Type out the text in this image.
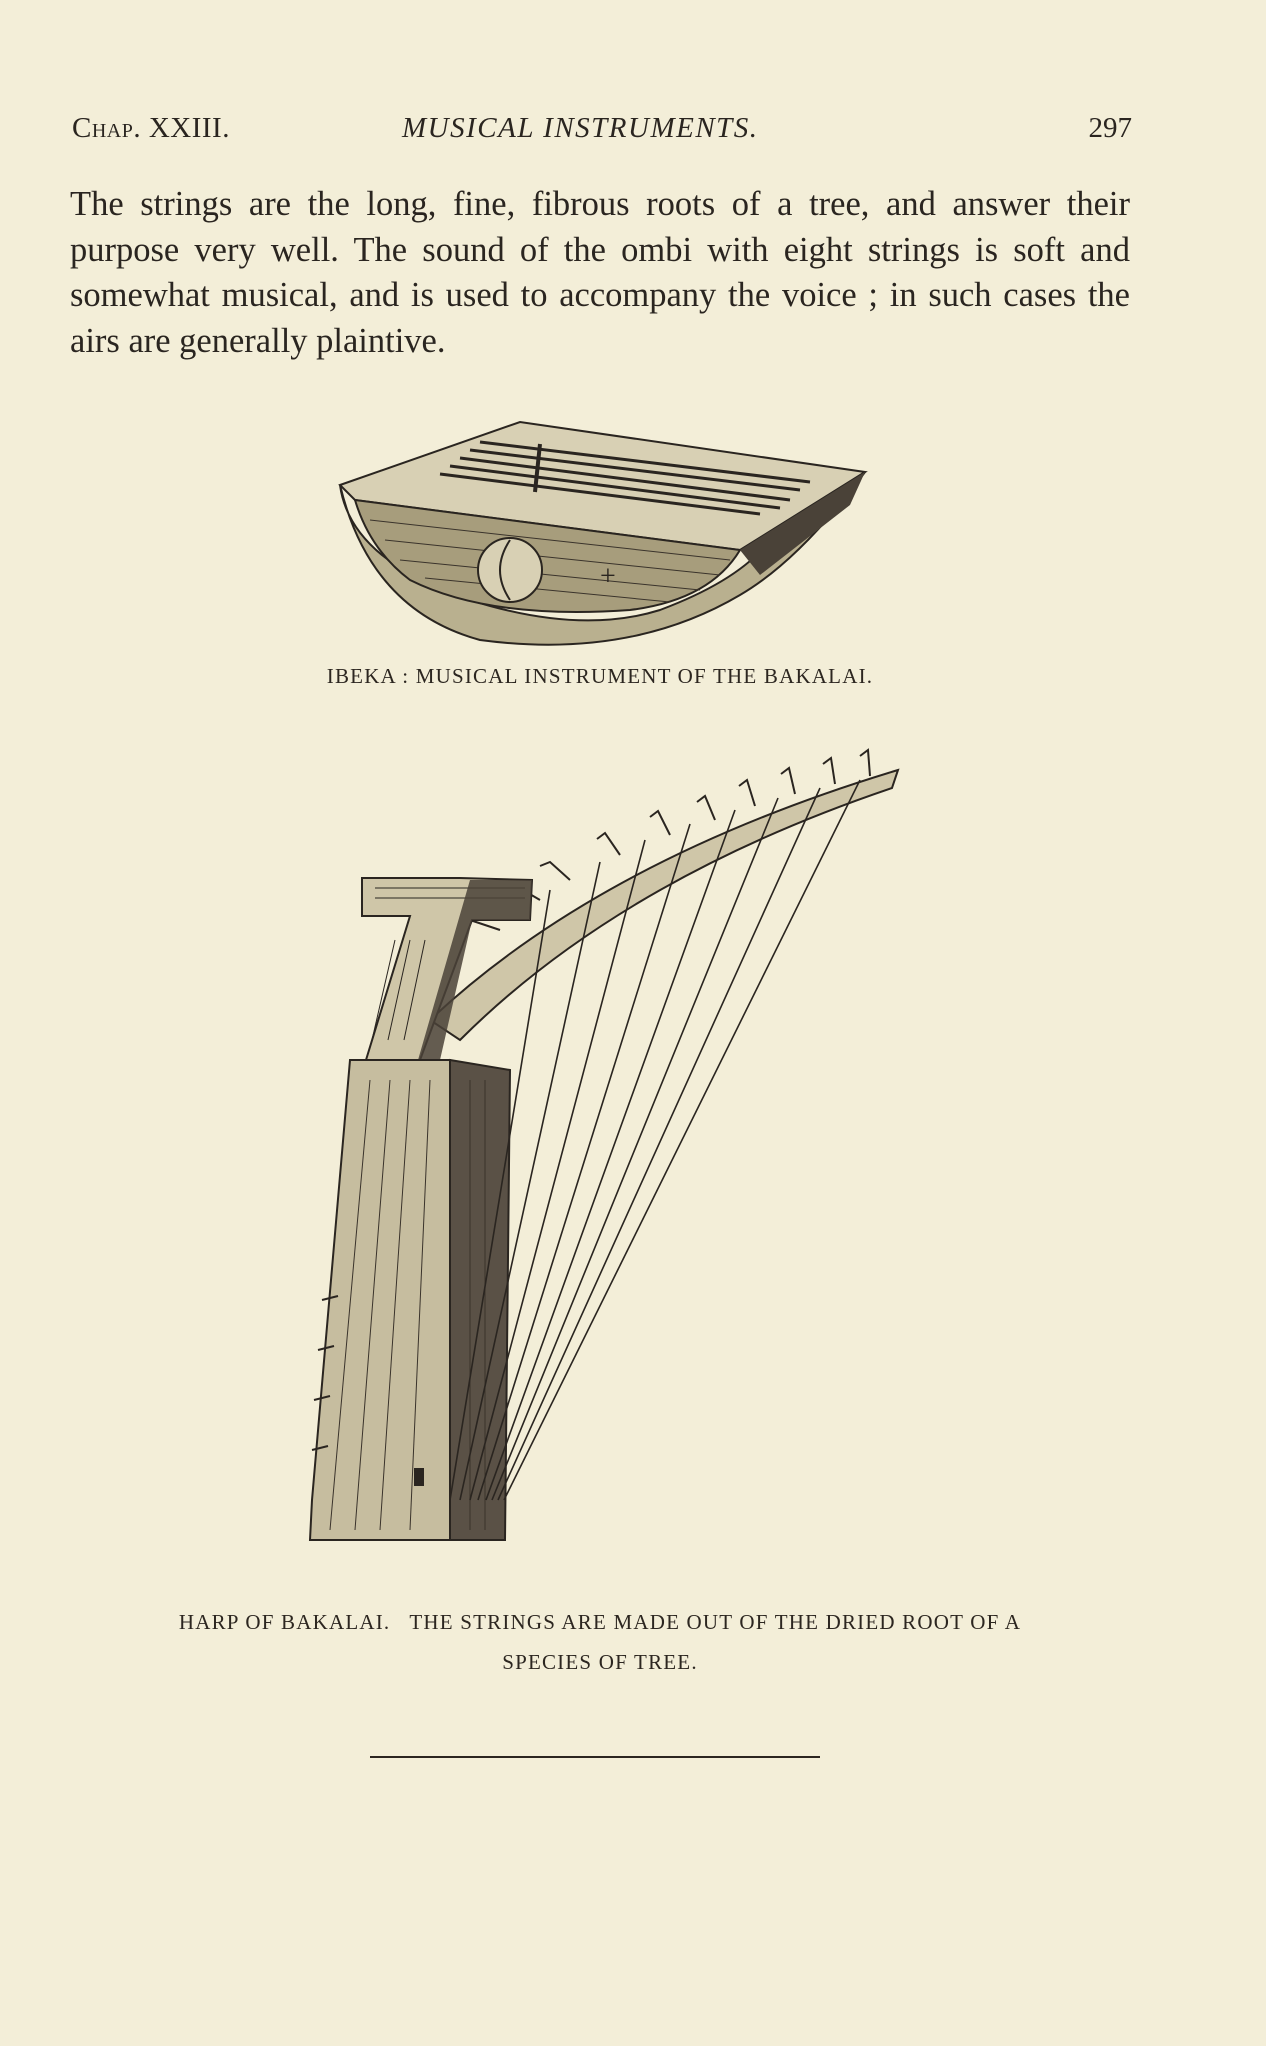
Chap. XXIII.	MUSICAL INSTRUMENTS.	297
The strings are the long, fine, fibrous roots of a tree, and answer their purpose very well. The sound of the ombi with eight strings is soft and somewhat musical, and is used to accompany the voice ; in such cases the airs are generally plaintive.
+
IBEKA : MUSICAL INSTRUMENT OF THE BAKALAI.
HARP OF BAKALAI.   THE STRINGS ARE MADE OUT OF THE DRIED ROOT OF A
SPECIES OF TREE.
